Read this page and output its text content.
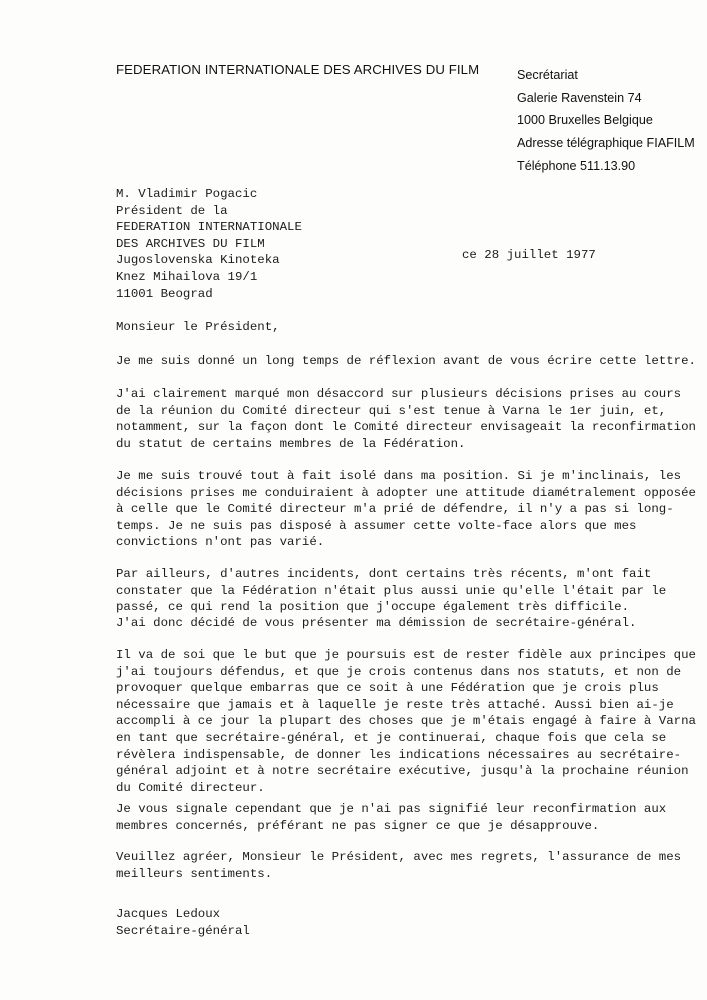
FEDERATION INTERNATIONALE DES ARCHIVES DU FILM	Secrétariat
Galerie Ravenstein 74
1000 Bruxelles Belgique
Adresse télégraphique FIAFILM
Téléphone 511.13.90
M. Vladimir Pogacic
Président de la
FEDERATION INTERNATIONALE
DES ARCHIVES DU FILM
Jugoslovenska Kinoteka
Knez Mihailova 19/1
11001 Beograd
ce 28 juillet 1977
Monsieur le Président,
Je me suis donné un long temps de réflexion avant de vous écrire cette lettre.
J'ai clairement marqué mon désaccord sur plusieurs décisions prises au cours
de la réunion du Comité directeur qui s'est tenue à Varna le 1er juin, et,
notamment, sur la façon dont le Comité directeur envisageait la reconfirmation
du statut de certains membres de la Fédération.
Je me suis trouvé tout à fait isolé dans ma position. Si je m'inclinais, les
décisions prises me conduiraient à adopter une attitude diamétralement opposée
à celle que le Comité directeur m'a prié de défendre, il n'y a pas si long-
temps. Je ne suis pas disposé à assumer cette volte-face alors que mes
convictions n'ont pas varié.
Par ailleurs, d'autres incidents, dont certains très récents, m'ont fait
constater que la Fédération n'était plus aussi unie qu'elle l'était par le
passé, ce qui rend la position que j'occupe également très difficile.
J'ai donc décidé de vous présenter ma démission de secrétaire-général.
Il va de soi que le but que je poursuis est de rester fidèle aux principes que
j'ai toujours défendus, et que je crois contenus dans nos statuts, et non de
provoquer quelque embarras que ce soit à une Fédération que je crois plus
nécessaire que jamais et à laquelle je reste très attaché. Aussi bien ai-je
accompli à ce jour la plupart des choses que je m'étais engagé à faire à Varna
en tant que secrétaire-général, et je continuerai, chaque fois que cela se
révèlera indispensable, de donner les indications nécessaires au secrétaire-
général adjoint et à notre secrétaire exécutive, jusqu'à la prochaine réunion
du Comité directeur.
Je vous signale cependant que je n'ai pas signifié leur reconfirmation aux
membres concernés, préférant ne pas signer ce que je désapprouve.
Veuillez agréer, Monsieur le Président, avec mes regrets, l'assurance de mes
meilleurs sentiments.
Jacques Ledoux
Secrétaire-général
